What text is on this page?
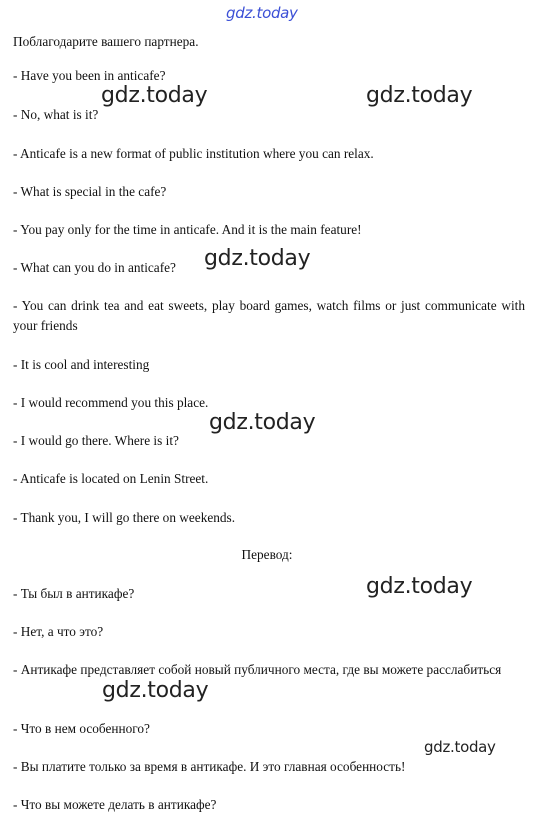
gdz.today
Поблагодарите вашего партнера.
- Have you been in anticafe?
- No, what is it?
- Anticafe is a new format of public institution where you can relax.
- What is special in the cafe?
- You pay only for the time in anticafe. And it is the main feature!
- What can you do in anticafe?
- You can drink tea and eat sweets, play board games, watch films or just communicate with your friends
- It is cool and interesting
- I would recommend you this place.
- I would go there. Where is it?
- Anticafe is located on Lenin Street.
- Thank you, I will go there on weekends.
Перевод:
- Ты был в антикафе?
- Нет, а что это?
- Антикафе представляет собой новый публичного места, где вы можете расслабиться
- Что в нем особенного?
- Вы платите только за время в антикафе. И это главная особенность!
- Что вы можете делать в антикафе?
gdz.today	gdz.today
gdz.today
gdz.today
gdz.today
gdz.today
gdz.today
